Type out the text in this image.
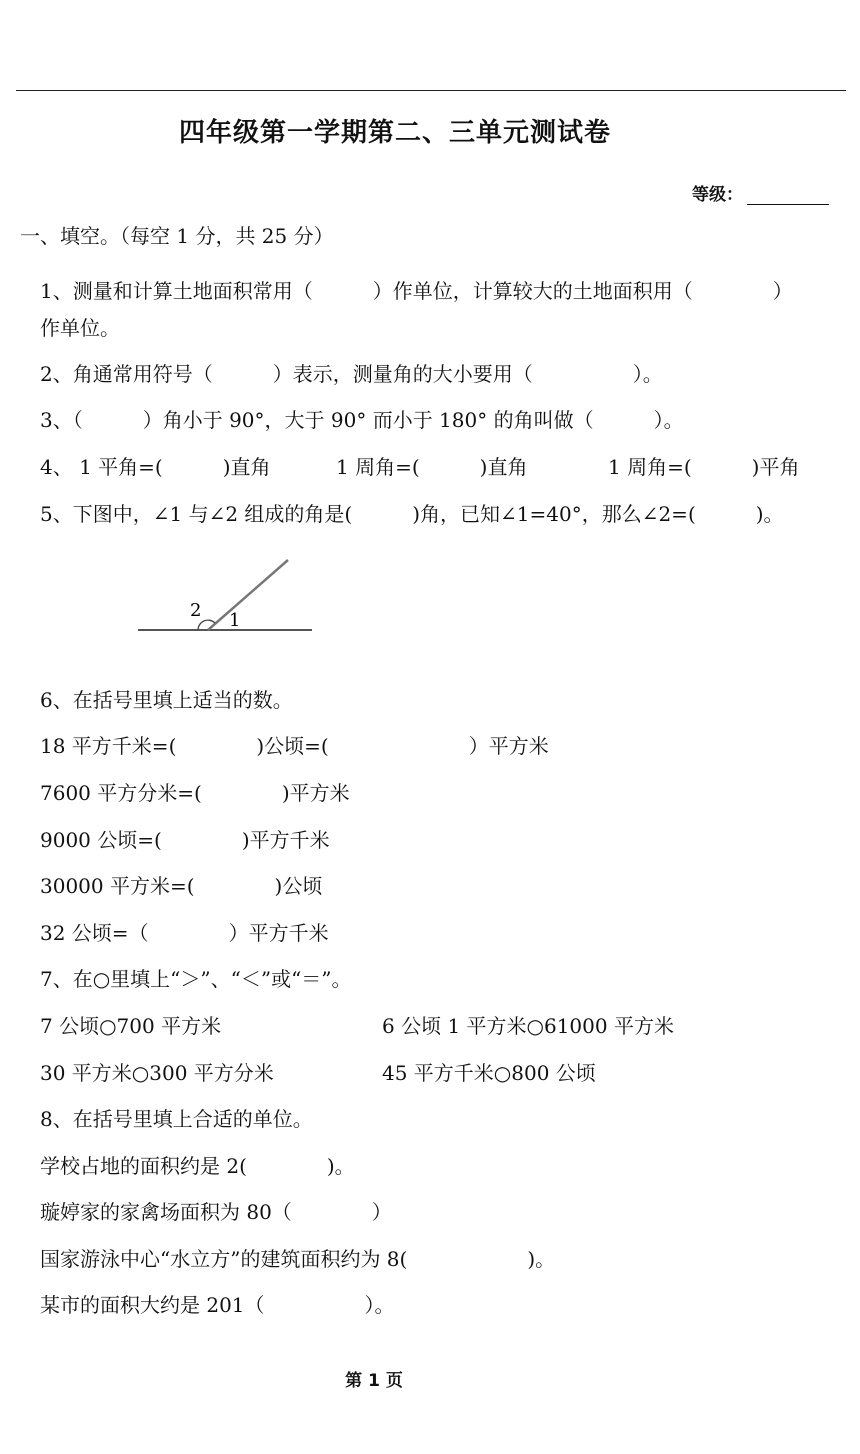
四年级第一学期第二、三单元测试卷
等级：
一、填空。（每空 1 分，共 25 分）
1、测量和计算土地面积常用（　　　）作单位，计算较大的土地面积用（　　　　）
作单位。
2、角通常用符号（　　　）表示，测量角的大小要用（　　　　　）。
3、（　　　）角小于 90°，大于 90° 而小于 180° 的角叫做（　　　）。
4、 1 平角=(　　　)直角	1 周角=(　　　)直角	1 周角=(　　　)平角
5、下图中，∠1 与∠2 组成的角是(　　　)角，已知∠1=40°，那么∠2=(　　　)。
2 1
6、在括号里填上适当的数。
18 平方千米=(　　　　)公顷=(　　　　　　　）平方米
7600 平方分米=(　　　　)平方米
9000 公顷=(　　　　)平方千米
30000 平方米=(　　　　)公顷
32 公顷=（　　　　）平方千米
7、在○里填上“＞”、“＜”或“＝”。
7 公顷○700 平方米	6 公顷 1 平方米○61000 平方米
30 平方米○300 平方分米	45 平方千米○800 公顷
8、在括号里填上合适的单位。
学校占地的面积约是 2(　　　　)。
璇婷家的家禽场面积为 80（　　　　）
国家游泳中心“水立方”的建筑面积约为 8(　　　　　　)。
某市的面积大约是 201（　　　　　）。
第 1 页
